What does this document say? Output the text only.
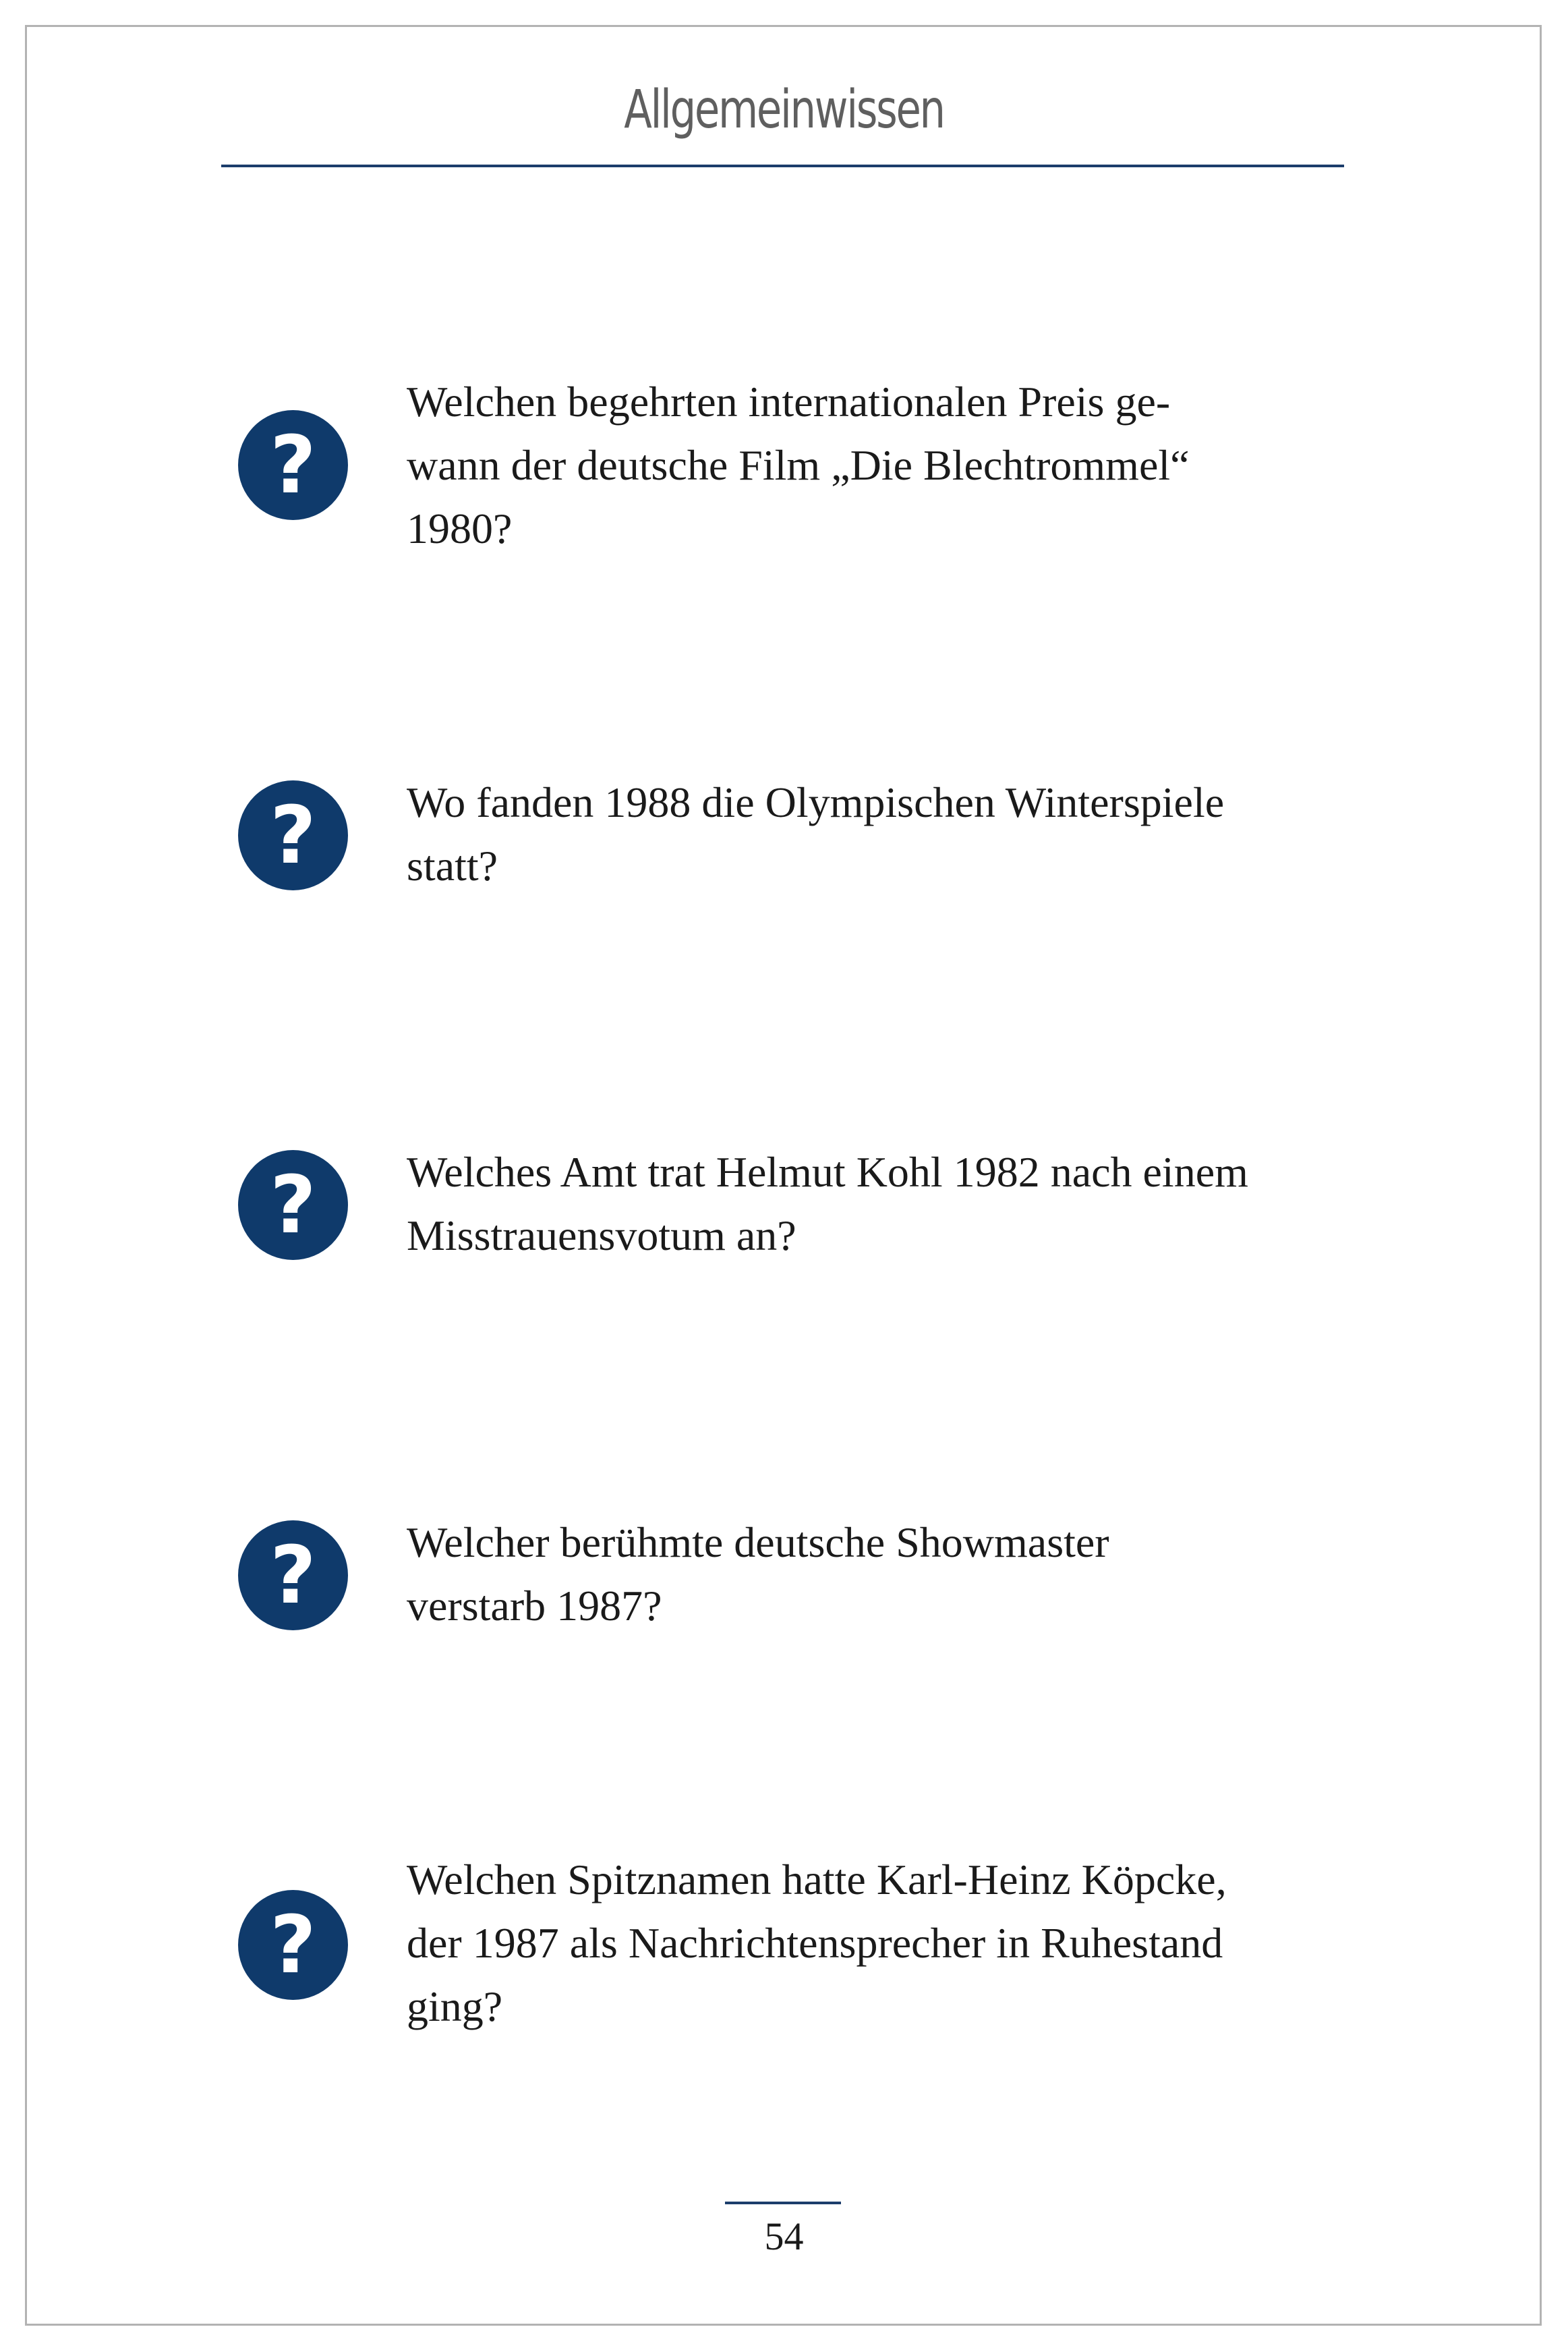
Allgemeinwissen
?
Welchen begehrten internationalen Preis ge-
wann der deutsche Film „Die Blechtrommel“
1980?
?	Wo fanden 1988 die Olympischen Winterspiele
statt?
?	Welches Amt trat Helmut Kohl 1982 nach einem
Misstrauensvotum an?
?	Welcher berühmte deutsche Showmaster
verstarb 1987?
?
Welchen Spitznamen hatte Karl-Heinz Köpcke,
der 1987 als Nachrichtensprecher in Ruhestand
ging?
54
